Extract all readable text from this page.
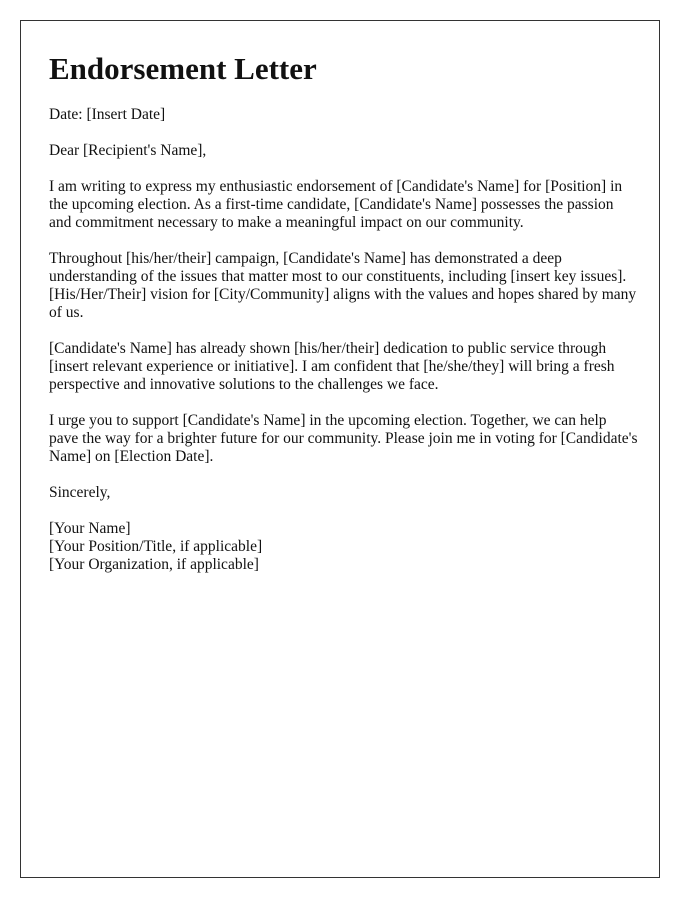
Endorsement Letter

Date: [Insert Date]

Dear [Recipient's Name],

I am writing to express my enthusiastic endorsement of [Candidate's Name] for [Position] in the upcoming election. As a first-time candidate, [Candidate's Name] possesses the passion and commitment necessary to make a meaningful impact on our community.

Throughout [his/her/their] campaign, [Candidate's Name] has demonstrated a deep understanding of the issues that matter most to our constituents, including [insert key issues]. [His/Her/Their] vision for [City/Community] aligns with the values and hopes shared by many of us.

[Candidate's Name] has already shown [his/her/their] dedication to public service through [insert relevant experience or initiative]. I am confident that [he/she/they] will bring a fresh perspective and innovative solutions to the challenges we face.

I urge you to support [Candidate's Name] in the upcoming election. Together, we can help pave the way for a brighter future for our community. Please join me in voting for [Candidate's Name] on [Election Date].

Sincerely,

[Your Name]
[Your Position/Title, if applicable]
[Your Organization, if applicable]
